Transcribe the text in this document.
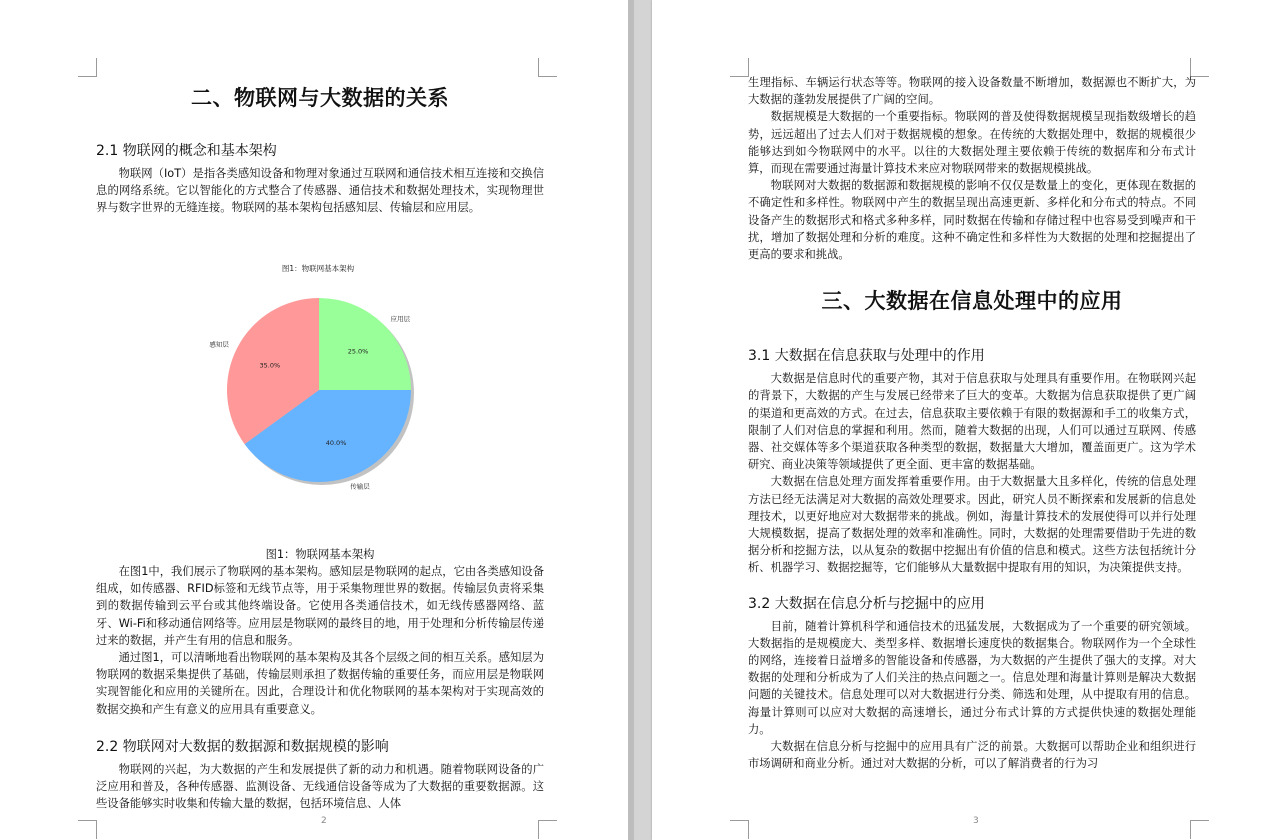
二、物联网与大数据的关系
2.1 物联网的概念和基本架构

物联网（IoT）是指各类感知设备和物理对象通过互联网和通信技术相互连接和交换信息的网络系统。它以智能化的方式整合了传感器、通信技术和数据处理技术，实现物理世界与数字世界的无缝连接。物联网的基本架构包括感知层、传输层和应用层。

图1：物联网基本架构
25.0%
应用层
40.0%
传输层
35.0%
感知层

图1：物联网基本架构

在图1中，我们展示了物联网的基本架构。感知层是物联网的起点，它由各类感知设备组成，如传感器、RFID标签和无线节点等，用于采集物理世界的数据。传输层负责将采集到的数据传输到云平台或其他终端设备。它使用各类通信技术，如无线传感器网络、蓝牙、Wi-Fi和移动通信网络等。应用层是物联网的最终目的地，用于处理和分析传输层传递过来的数据，并产生有用的信息和服务。

通过图1，可以清晰地看出物联网的基本架构及其各个层级之间的相互关系。感知层为物联网的数据采集提供了基础，传输层则承担了数据传输的重要任务，而应用层是物联网实现智能化和应用的关键所在。因此，合理设计和优化物联网的基本架构对于实现高效的数据交换和产生有意义的应用具有重要意义。

2.2 物联网对大数据的数据源和数据规模的影响

物联网的兴起，为大数据的产生和发展提供了新的动力和机遇。随着物联网设备的广泛应用和普及，各种传感器、监测设备、无线通信设备等成为了大数据的重要数据源。这些设备能够实时收集和传输大量的数据，包括环境信息、人体

2

生理指标、车辆运行状态等等。物联网的接入设备数量不断增加，数据源也不断扩大，为大数据的蓬勃发展提供了广阔的空间。

数据规模是大数据的一个重要指标。物联网的普及使得数据规模呈现指数级增长的趋势，远远超出了过去人们对于数据规模的想象。在传统的大数据处理中，数据的规模很少能够达到如今物联网中的水平。以往的大数据处理主要依赖于传统的数据库和分布式计算，而现在需要通过海量计算技术来应对物联网带来的数据规模挑战。

物联网对大数据的数据源和数据规模的影响不仅仅是数量上的变化，更体现在数据的不确定性和多样性。物联网中产生的数据呈现出高速更新、多样化和分布式的特点。不同设备产生的数据形式和格式多种多样，同时数据在传输和存储过程中也容易受到噪声和干扰，增加了数据处理和分析的难度。这种不确定性和多样性为大数据的处理和挖掘提出了更高的要求和挑战。

三、大数据在信息处理中的应用
3.1 大数据在信息获取与处理中的作用

大数据是信息时代的重要产物，其对于信息获取与处理具有重要作用。在物联网兴起的背景下，大数据的产生与发展已经带来了巨大的变革。大数据为信息获取提供了更广阔的渠道和更高效的方式。在过去，信息获取主要依赖于有限的数据源和手工的收集方式，限制了人们对信息的掌握和利用。然而，随着大数据的出现，人们可以通过互联网、传感器、社交媒体等多个渠道获取各种类型的数据，数据量大大增加，覆盖面更广。这为学术研究、商业决策等领域提供了更全面、更丰富的数据基础。

大数据在信息处理方面发挥着重要作用。由于大数据量大且多样化，传统的信息处理方法已经无法满足对大数据的高效处理要求。因此，研究人员不断探索和发展新的信息处理技术，以更好地应对大数据带来的挑战。例如，海量计算技术的发展使得可以并行处理大规模数据，提高了数据处理的效率和准确性。同时，大数据的处理需要借助于先进的数据分析和挖掘方法，以从复杂的数据中挖掘出有价值的信息和模式。这些方法包括统计分析、机器学习、数据挖掘等，它们能够从大量数据中提取有用的知识，为决策提供支持。

3.2 大数据在信息分析与挖掘中的应用

目前，随着计算机科学和通信技术的迅猛发展，大数据成为了一个重要的研究领域。大数据指的是规模庞大、类型多样、数据增长速度快的数据集合。物联网作为一个全球性的网络，连接着日益增多的智能设备和传感器，为大数据的产生提供了强大的支撑。对大数据的处理和分析成为了人们关注的热点问题之一。信息处理和海量计算则是解决大数据问题的关键技术。信息处理可以对大数据进行分类、筛选和处理，从中提取有用的信息。海量计算则可以应对大数据的高速增长，通过分布式计算的方式提供快速的数据处理能力。

大数据在信息分析与挖掘中的应用具有广泛的前景。大数据可以帮助企业和组织进行市场调研和商业分析。通过对大数据的分析，可以了解消费者的行为习

3
